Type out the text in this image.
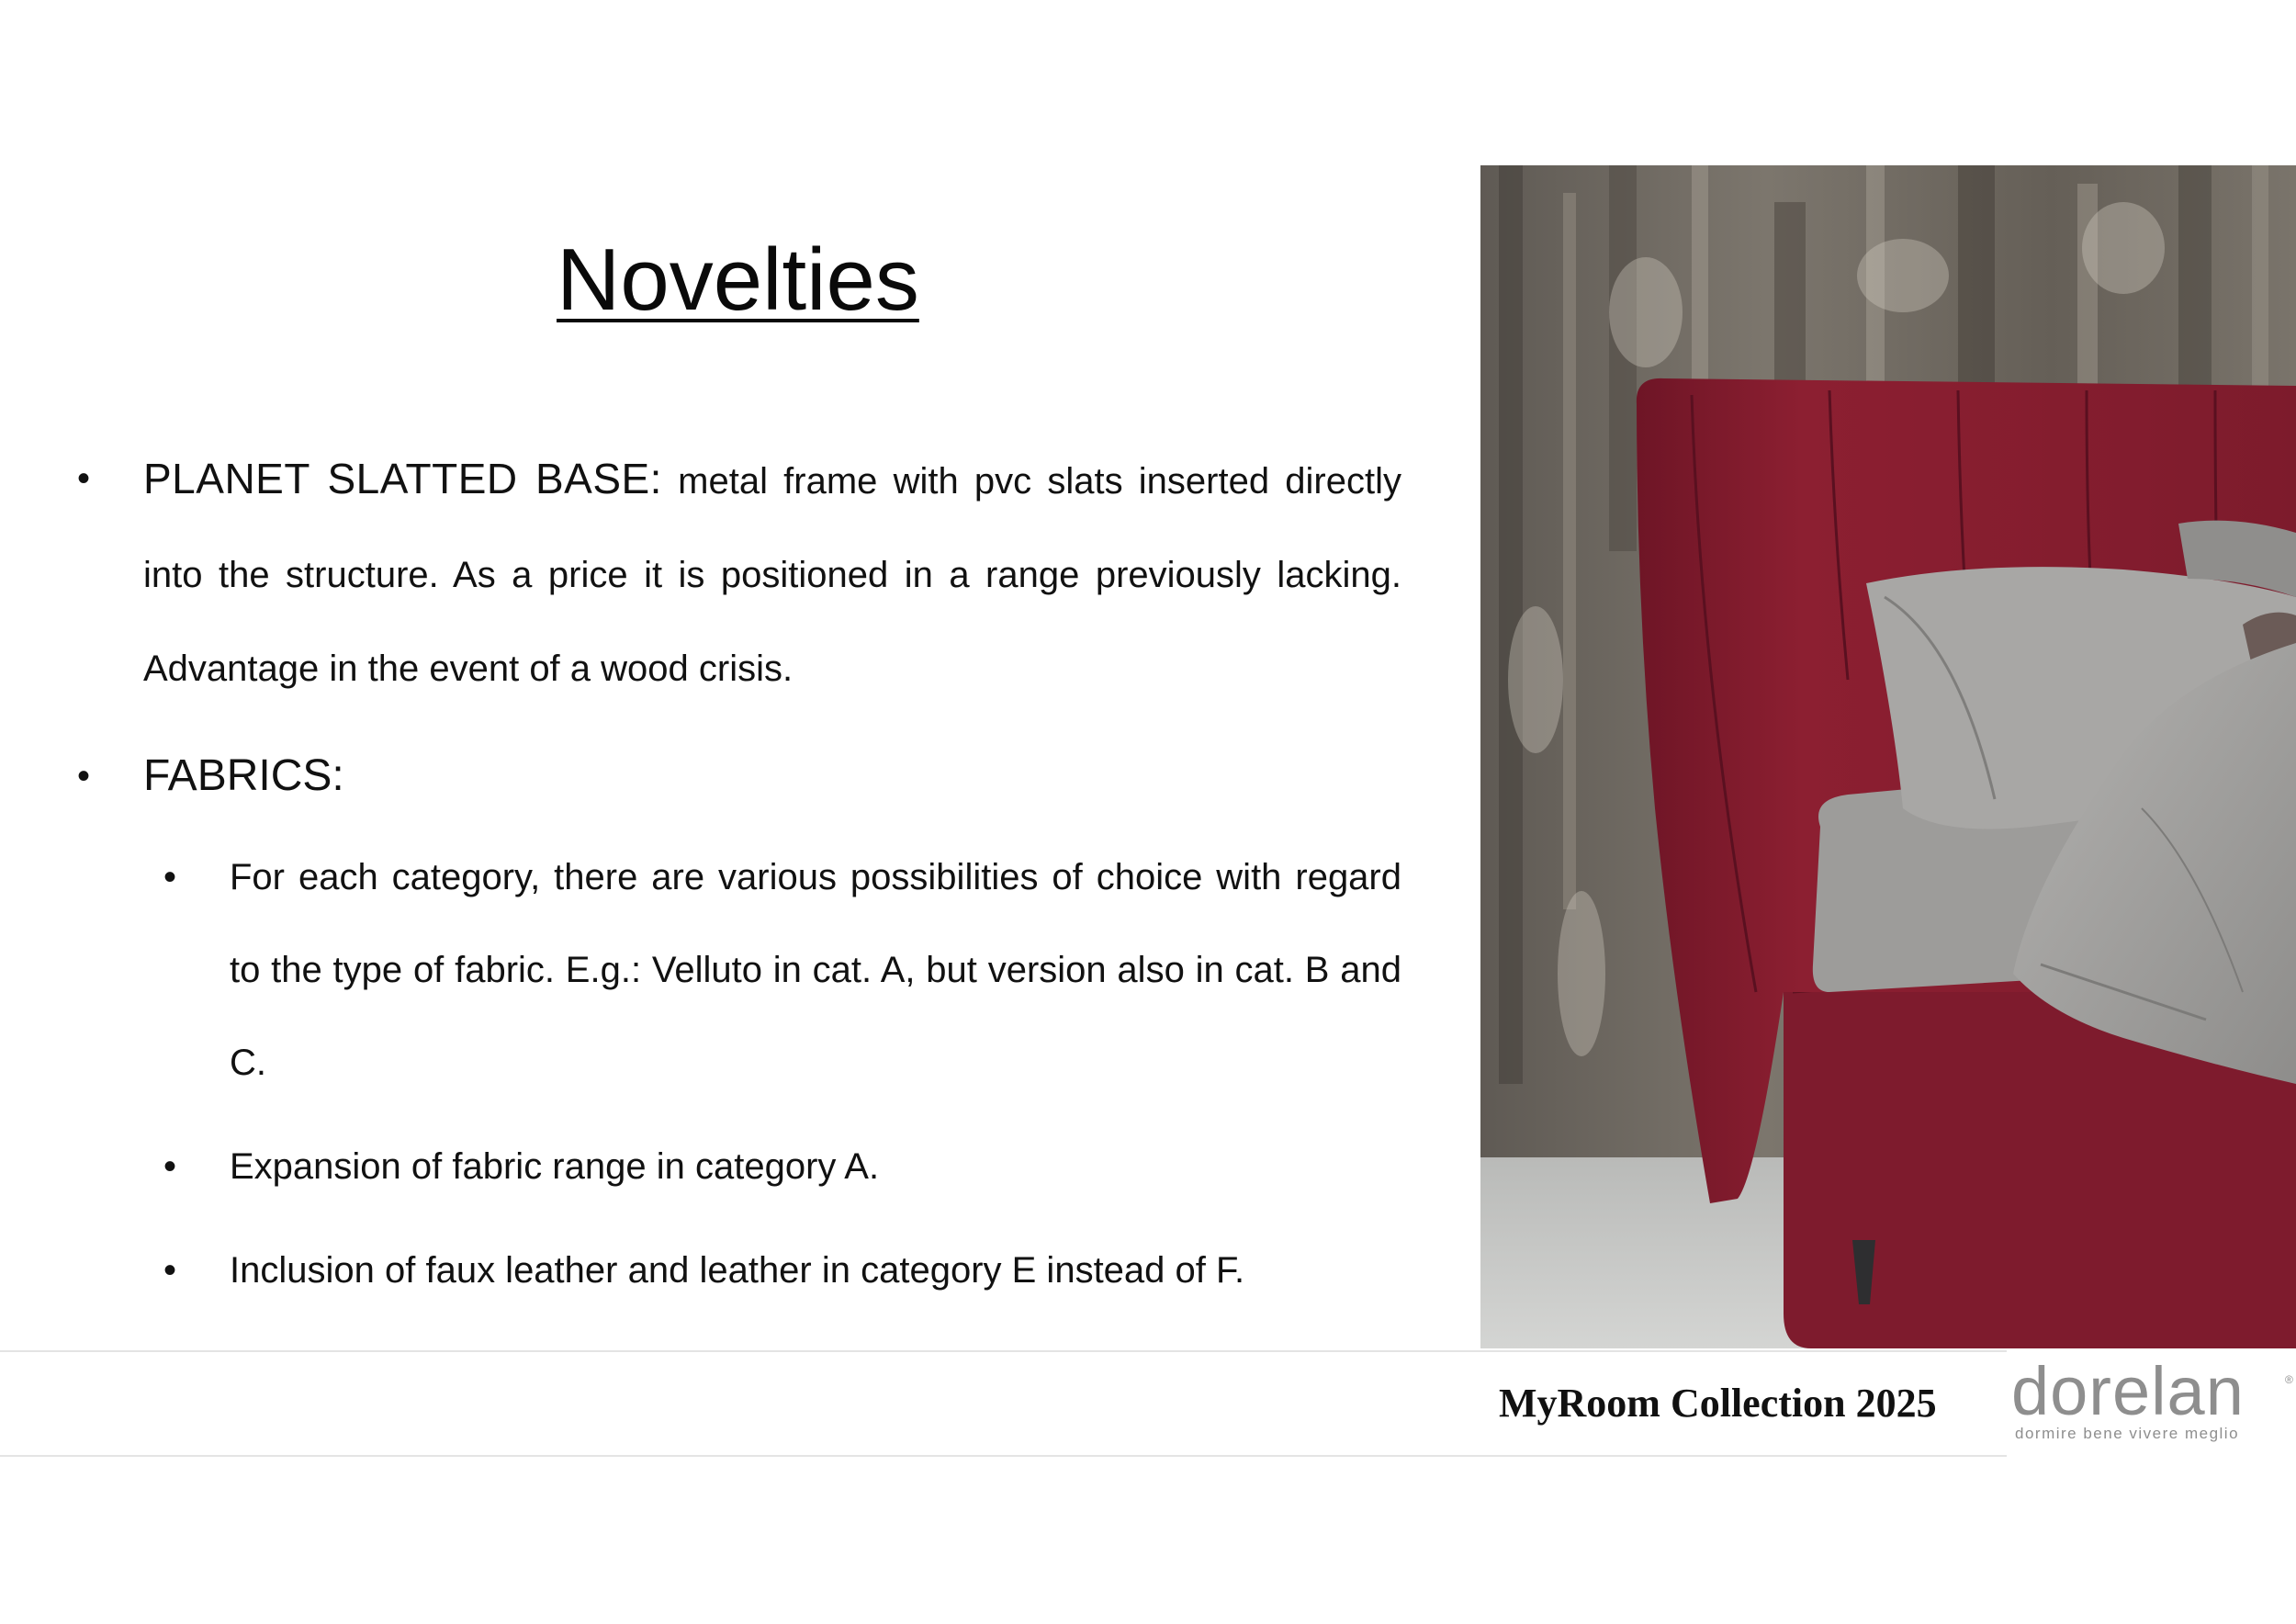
Novelties
• PLANET SLATTED BASE: metal frame with pvc slats inserted directly into the structure. As a price it is positioned in a range previously lacking. Advantage in the event of a wood crisis.
• FABRICS:
• For each category, there are various possibilities of choice with regard to the type of fabric. E.g.: Velluto in cat. A, but version also in cat. B and C.
• Expansion of fabric range in category A.
• Inclusion of faux leather and leather in category E instead of F.
MyRoom Collection 2025 dorelan	®
dormire bene vivere meglio
